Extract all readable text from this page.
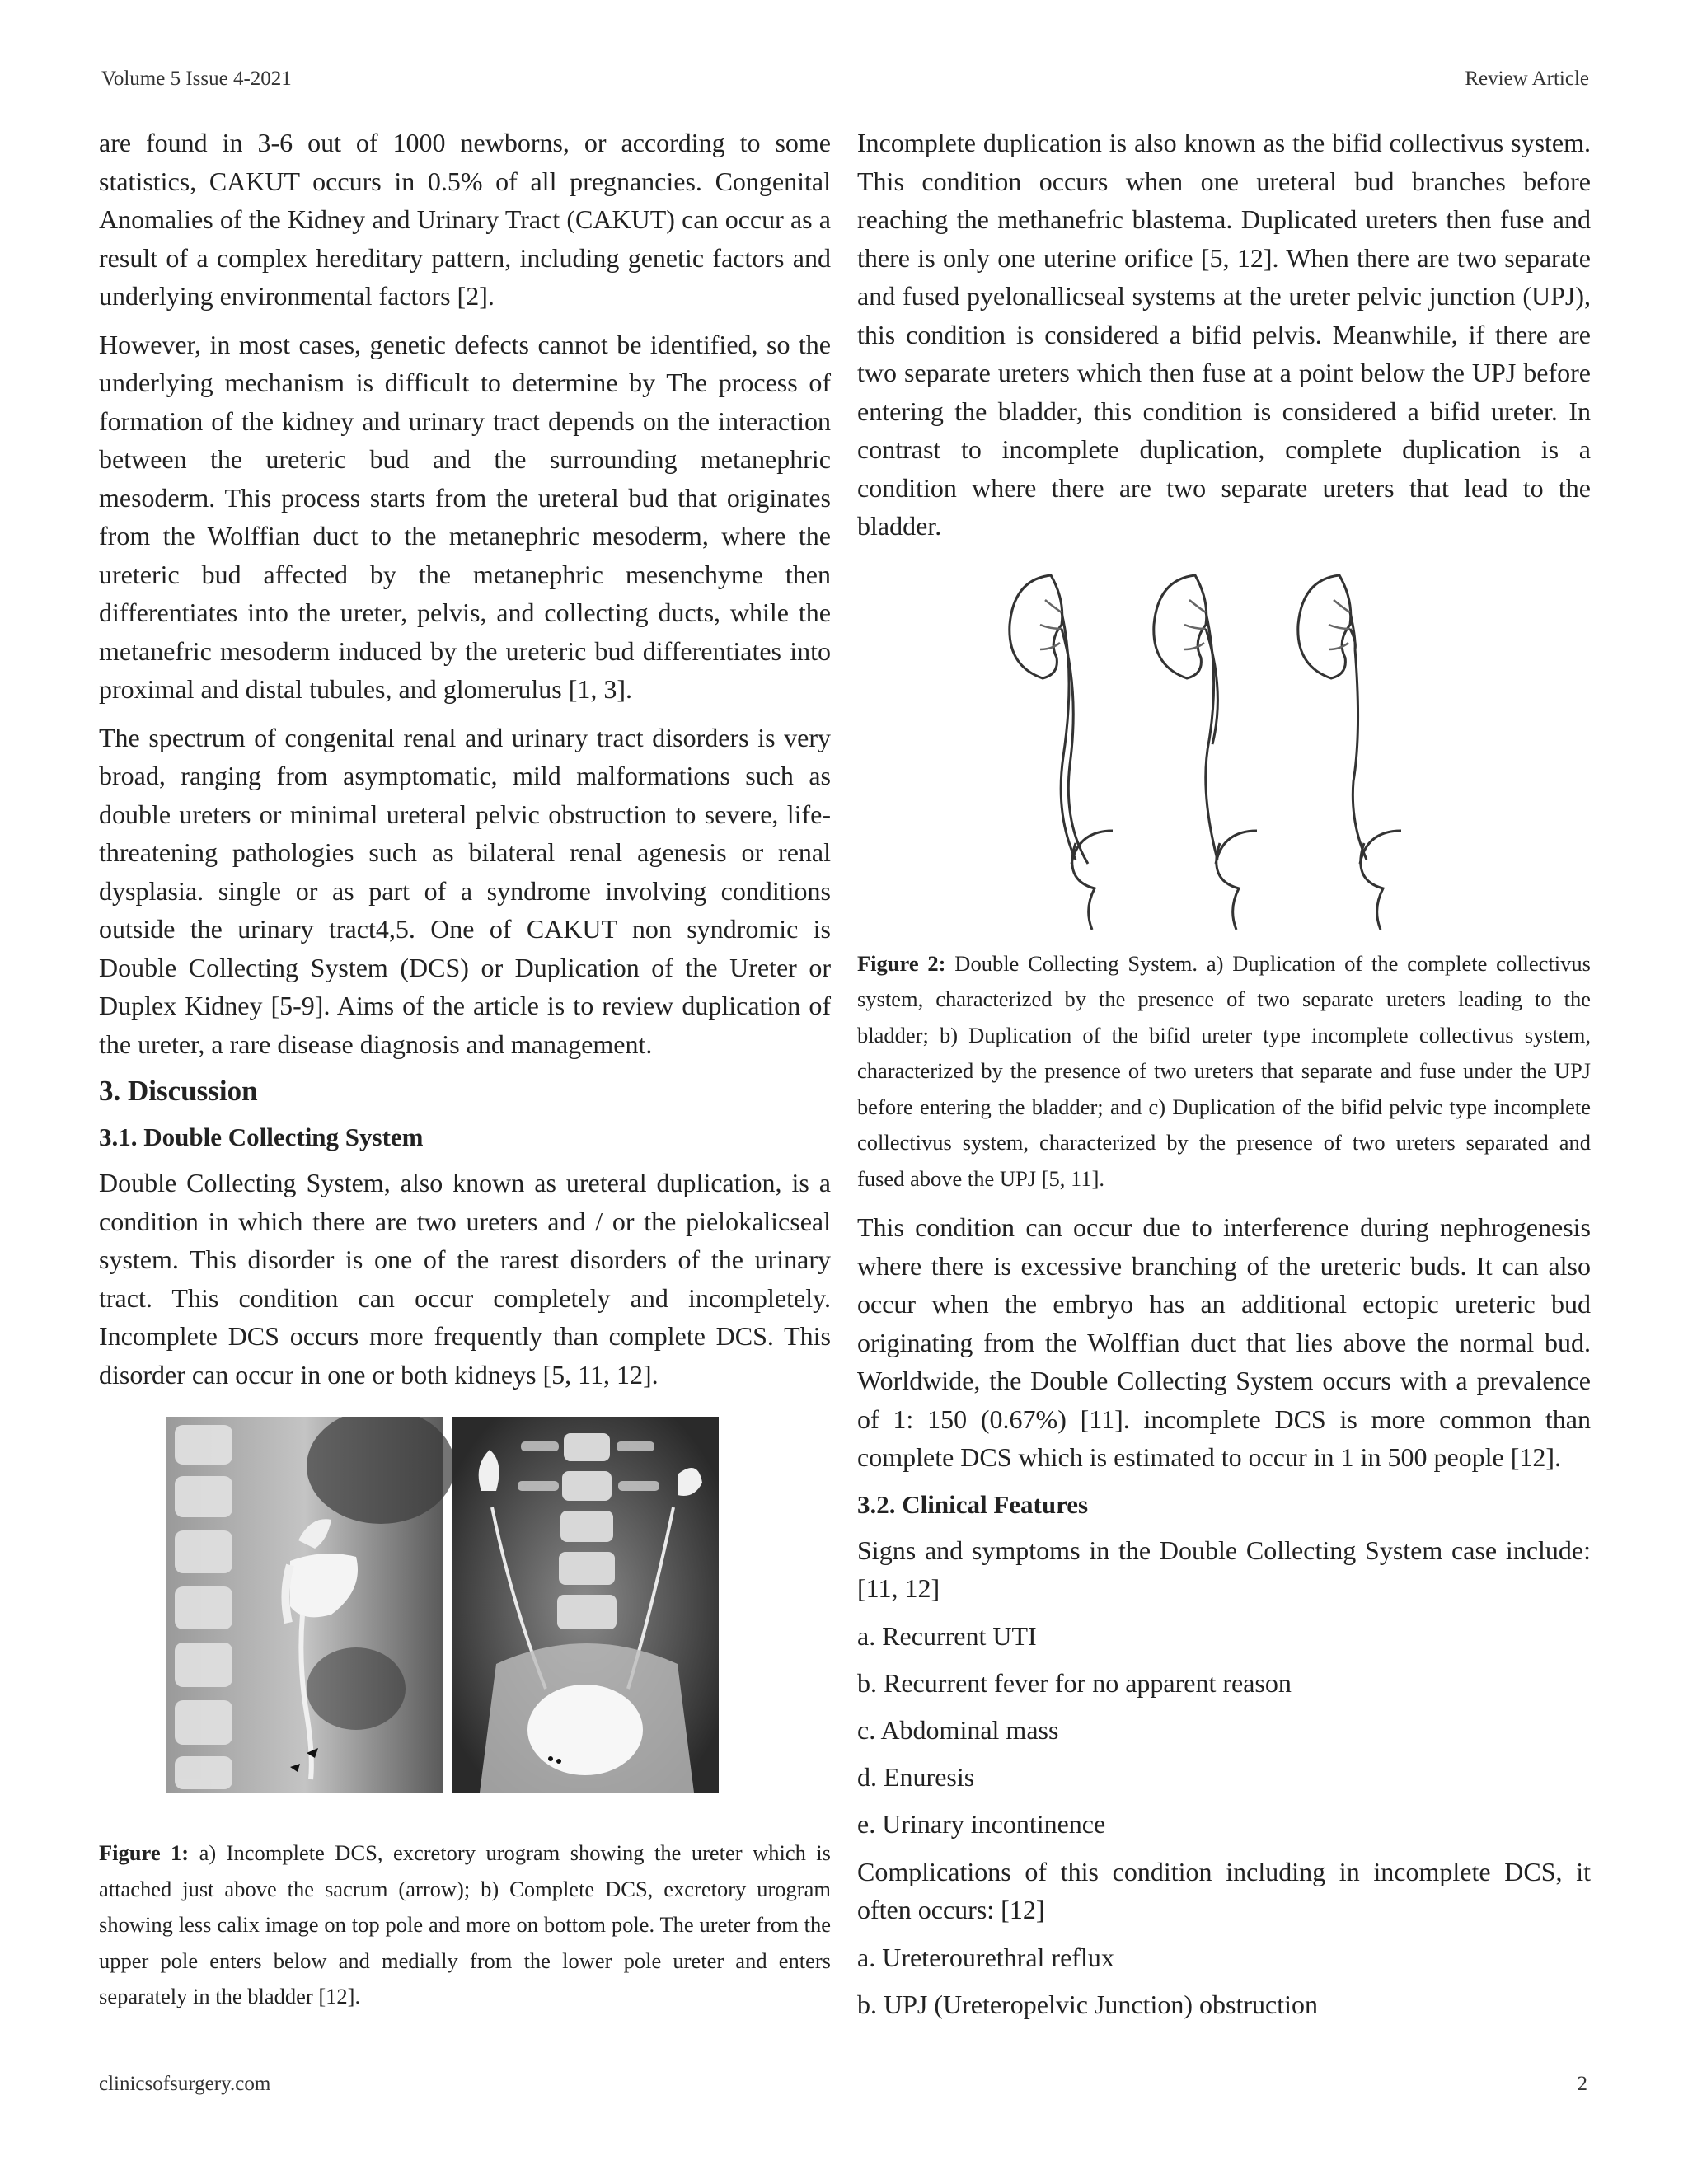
Volume 5 Issue 4-2021	Review Article

are found in 3-6 out of 1000 newborns, or according to some statistics, CAKUT occurs in 0.5% of all pregnancies. Congenital Anomalies of the Kidney and Urinary Tract (CAKUT) can occur as a result of a complex hereditary pattern, including genetic factors and underlying environmental factors [2].

However, in most cases, genetic defects cannot be identified, so the underlying mechanism is difficult to determine by The process of formation of the kidney and urinary tract depends on the interaction between the ureteric bud and the surrounding metanephric mesoderm. This process starts from the ureteral bud that originates from the Wolffian duct to the metanephric mesoderm, where the ureteric bud affected by the metanephric mesenchyme then differentiates into the ureter, pelvis, and collecting ducts, while the metanefric mesoderm induced by the ureteric bud differentiates into proximal and distal tubules, and glomerulus [1, 3].

The spectrum of congenital renal and urinary tract disorders is very broad, ranging from asymptomatic, mild malformations such as double ureters or minimal ureteral pelvic obstruction to severe, life-threatening pathologies such as bilateral renal agenesis or renal dysplasia. single or as part of a syndrome involving conditions outside the urinary tract4,5. One of CAKUT non syndromic is Double Collecting System (DCS) or Duplication of the Ureter or Duplex Kidney [5-9]. Aims of the article is to review duplication of the ureter, a rare disease diagnosis and management.

3. Discussion
3.1. Double Collecting System

Double Collecting System, also known as ureteral duplication, is a condition in which there are two ureters and / or the pielokalicseal system. This disorder is one of the rarest disorders of the urinary tract. This condition can occur completely and incompletely. Incomplete DCS occurs more frequently than complete DCS. This disorder can occur in one or both kidneys [5, 11, 12].

Figure 1: a) Incomplete DCS, excretory urogram showing the ureter which is attached just above the sacrum (arrow); b) Complete DCS, excretory urogram showing less calix image on top pole and more on bottom pole. The ureter from the upper pole enters below and medially from the lower pole ureter and enters separately in the bladder [12].

Incomplete duplication is also known as the bifid collectivus system. This condition occurs when one ureteral bud branches before reaching the methanefric blastema. Duplicated ureters then fuse and there is only one uterine orifice [5, 12]. When there are two separate and fused pyelonallicseal systems at the ureter pelvic junction (UPJ), this condition is considered a bifid pelvis. Meanwhile, if there are two separate ureters which then fuse at a point below the UPJ before entering the bladder, this condition is considered a bifid ureter. In contrast to incomplete duplication, complete duplication is a condition where there are two separate ureters that lead to the bladder.

Figure 2: Double Collecting System. a) Duplication of the complete collectivus system, characterized by the presence of two separate ureters leading to the bladder; b) Duplication of the bifid ureter type incomplete collectivus system, characterized by the presence of two ureters that separate and fuse under the UPJ before entering the bladder; and c) Duplication of the bifid pelvic type incomplete collectivus system, characterized by the presence of two ureters separated and fused above the UPJ [5, 11].

This condition can occur due to interference during nephrogenesis where there is excessive branching of the ureteric buds. It can also occur when the embryo has an additional ectopic ureteric bud originating from the Wolffian duct that lies above the normal bud. Worldwide, the Double Collecting System occurs with a prevalence of 1: 150 (0.67%) [11]. incomplete DCS is more common than complete DCS which is estimated to occur in 1 in 500 people [12].

3.2. Clinical Features

Signs and symptoms in the Double Collecting System case include: [11, 12]

a. Recurrent UTI

b. Recurrent fever for no apparent reason

c. Abdominal mass

d. Enuresis

e. Urinary incontinence

Complications of this condition including in incomplete DCS, it often occurs: [12]

a. Ureterourethral reflux

b. UPJ (Ureteropelvic Junction) obstruction

clinicsofsurgery.com	2
